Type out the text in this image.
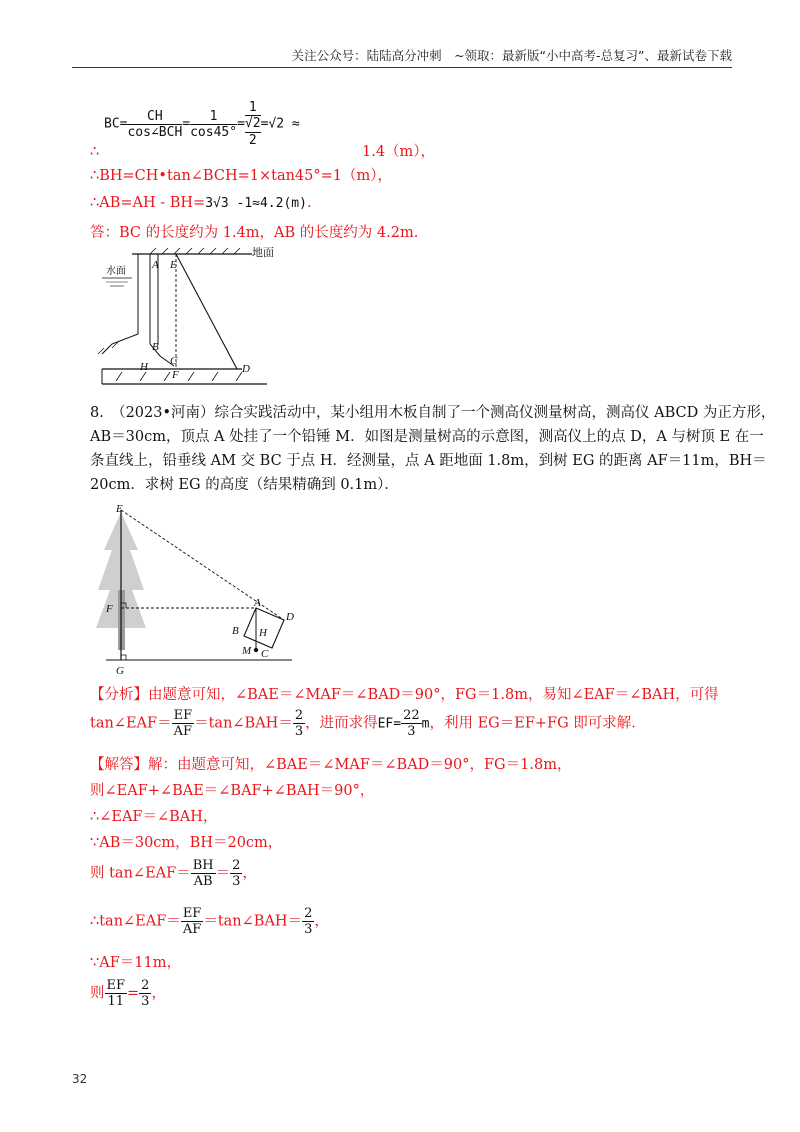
关注公众号：陆陆高分冲刺　~领取：最新版“小中高考-总复习”、最新试卷下载
$BC= \frac{CH}{\text{cos∠BCH}} = \frac{1}{\cos 45^\circ} = 1$
√2
2 =√2 ≈
∴	1.4（m），
∴BH=CH•tan∠BCH=1×tan45°=1（m），
∴AB=AH - BH=3√3 -1≈4.2(m).
答：BC 的长度约为 1.4m，AB 的长度约为 4.2m.
地面
水面
A E
B
C
F	D
H
8.　（2023•河南）综合实践活动中，某小组用木板自制了一个测高仪测量树高，测高仪 ABCD 为正方形，
AB＝30cm，顶点 A 处挂了一个铅锤 M．如图是测量树高的示意图，测高仪上的点 D，A 与树顶 E 在一
条直线上，铅垂线 AM 交 BC 于点 H．经测量，点 A 距地面 1.8m，到树 EG 的距离 AF＝11m，BH＝
20cm．求树 EG 的高度（结果精确到 0.1m）．
E
F
G
A
B
C
D
H
M
【分析】由题意可知，∠BAE＝∠MAF＝∠BAD＝90°，FG＝1.8m，易知∠EAF＝∠BAH，可得
tan∠EAF＝ $\frac{EF}{AF}$ ＝tan∠BAH＝ $\frac{2}{3}$ ，进而求得$EF= \frac{22}{3}$ m，利用 EG＝EF+FG 即可求解．
【解答】解：由题意可知，∠BAE＝∠MAF＝∠BAD＝90°，FG＝1.8m，
则∠EAF+∠BAE＝∠BAF+∠BAH＝90°，
∴∠EAF＝∠BAH，
∵AB＝30cm，BH＝20cm，
则 tan∠EAF＝ $\frac{BH}{AB} = \frac{2}{3}$ ，
∴tan∠EAF＝ $\frac{EF}{AF}$ ＝tan∠BAH＝ $\frac{2}{3}$ ，
∵AF＝11m，
则 $\frac{EF}{11} = \frac{2}{3}$ ，
32
